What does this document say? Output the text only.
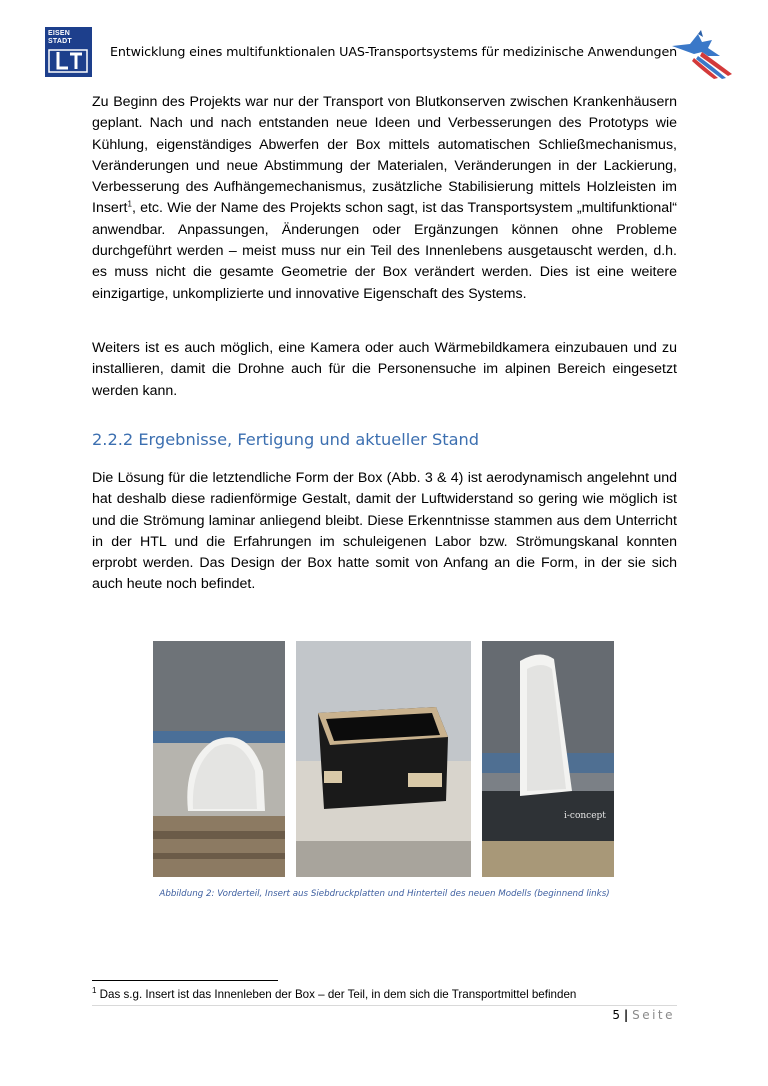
EISEN
STADT
Entwicklung eines multifunktionalen UAS-Transportsystems für medizinische Anwendungen
Zu Beginn des Projekts war nur der Transport von Blutkonserven zwischen Krankenhäusern geplant. Nach und nach entstanden neue Ideen und Verbesserungen des Prototyps wie Kühlung, eigenständiges Abwerfen der Box mittels automatischen Schließmechanismus, Veränderungen und neue Abstimmung der Materialen, Veränderungen in der Lackierung, Verbesserung des Aufhängemechanismus, zusätzliche Stabilisierung mittels Holzleisten im Insert$^1$, etc. Wie der Name des Projekts schon sagt, ist das Transportsystem „multifunktional“ anwendbar. Anpassungen, Änderungen oder Ergänzungen können ohne Probleme durchgeführt werden – meist muss nur ein Teil des Innenlebens ausgetauscht werden, d.h. es muss nicht die gesamte Geometrie der Box verändert werden. Dies ist eine weitere einzigartige, unkomplizierte und innovative Eigenschaft des Systems.
Weiters ist es auch möglich, eine Kamera oder auch Wärmebildkamera einzubauen und zu installieren, damit die Drohne auch für die Personensuche im alpinen Bereich eingesetzt werden kann.
2.2.2 Ergebnisse, Fertigung und aktueller Stand
Die Lösung für die letztendliche Form der Box (Abb. 3 & 4) ist aerodynamisch angelehnt und hat deshalb diese radienförmige Gestalt, damit der Luftwiderstand so gering wie möglich ist und die Strömung laminar anliegend bleibt. Diese Erkenntnisse stammen aus dem Unterricht in der HTL und die Erfahrungen im schuleigenen Labor bzw. Strömungskanal konnten erprobt werden. Das Design der Box hatte somit von Anfang an die Form, in der sie sich auch heute noch befindet.
i-concept
Abbildung 2: Vorderteil, Insert aus Siebdruckplatten und Hinterteil des neuen Modells (beginnend links)
$^1$ Das s.g. Insert ist das Innenleben der Box – der Teil, in dem sich die Transportmittel befinden
5 | Seite
